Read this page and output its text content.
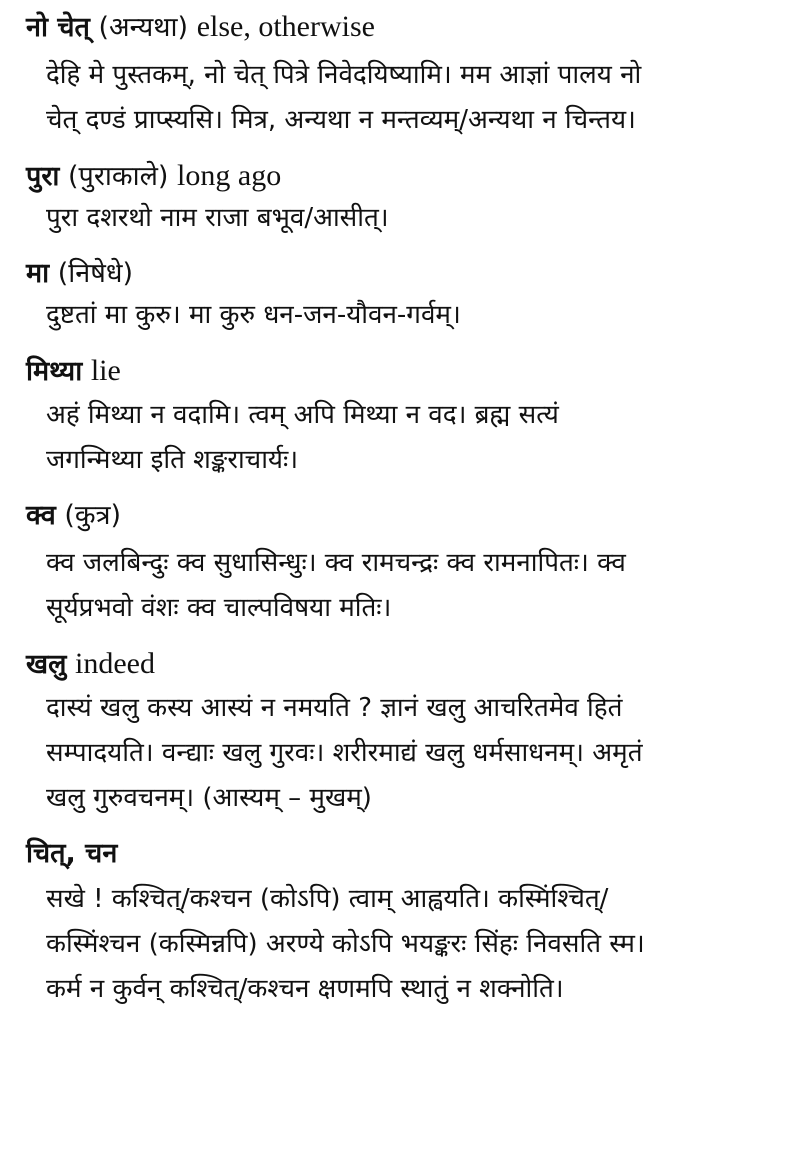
नो चेत् (अन्यथा) else, otherwise

देहि मे पुस्तकम्, नो चेत् पित्रे निवेदयिष्यामि। मम आज्ञां पालय नो
चेत् दण्डं प्राप्स्यसि। मित्र, अन्यथा न मन्तव्यम्/अन्यथा न चिन्तय।

पुरा (पुराकाले) long ago

पुरा दशरथो नाम राजा बभूव/आसीत्।

मा (निषेधे)

दुष्टतां मा कुरु। मा कुरु धन-जन-यौवन-गर्वम्।

मिथ्या lie

अहं मिथ्या न वदामि। त्वम् अपि मिथ्या न वद। ब्रह्म सत्यं
जगन्मिथ्या इति शङ्कराचार्यः।

क्व (कुत्र)

क्व जलबिन्दुः क्व सुधासिन्धुः। क्व रामचन्द्रः क्व रामनापितः। क्व
सूर्यप्रभवो वंशः क्व चाल्पविषया मतिः।

खलु indeed

दास्यं खलु कस्य आस्यं न नमयति ? ज्ञानं खलु आचरितमेव हितं
सम्पादयति। वन्द्याः खलु गुरवः। शरीरमाद्यं खलु धर्मसाधनम्। अमृतं
खलु गुरुवचनम्। (आस्यम् – मुखम्)

चित्, चन

सखे ! कश्चित्/कश्चन (कोऽपि) त्वाम् आह्वयति। कस्मिंश्चित्/
कस्मिंश्चन (कस्मिन्नपि) अरण्ये कोऽपि भयङ्करः सिंहः निवसति स्म।
कर्म न कुर्वन् कश्चित्/कश्चन क्षणमपि स्थातुं न शक्नोति।
